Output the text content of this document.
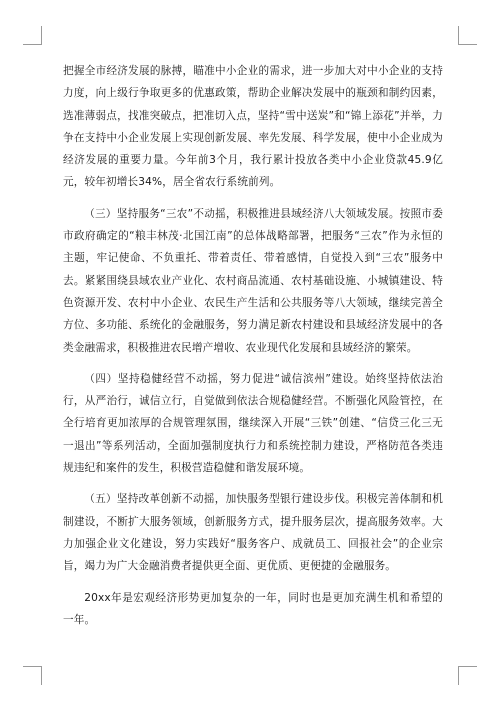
把握全市经济发展的脉搏，瞄准中小企业的需求，进一步加大对中小企业的支持力度，向上级行争取更多的优惠政策，帮助企业解决发展中的瓶颈和制约因素，选准薄弱点，找准突破点，把准切入点，坚持“雪中送炭”和“锦上添花”并举，力争在支持中小企业发展上实现创新发展、率先发展、科学发展，使中小企业成为经济发展的重要力量。今年前3个月，我行累计投放各类中小企业贷款45.9亿元，较年初增长34%，居全省农行系统前列。

（三）坚持服务“三农”不动摇，积极推进县域经济八大领域发展。按照市委市政府确定的“粮丰林茂·北国江南”的总体战略部署，把服务“三农”作为永恒的主题，牢记使命、不负重托、带着责任、带着感情，自觉投入到“三农”服务中去。紧紧围绕县域农业产业化、农村商品流通、农村基础设施、小城镇建设、特色资源开发、农村中小企业、农民生产生活和公共服务等八大领域，继续完善全方位、多功能、系统化的金融服务，努力满足新农村建设和县域经济发展中的各类金融需求，积极推进农民增产增收、农业现代化发展和县域经济的繁荣。

（四）坚持稳健经营不动摇，努力促进“诚信滨州”建设。始终坚持依法治行，从严治行，诚信立行，自觉做到依法合规稳健经营。不断强化风险管控，在全行培育更加浓厚的合规管理氛围，继续深入开展“三铁”创建、“信贷三化三无一退出”等系列活动，全面加强制度执行力和系统控制力建设，严格防范各类违规违纪和案件的发生，积极营造稳健和谐发展环境。

（五）坚持改革创新不动摇，加快服务型银行建设步伐。积极完善体制和机制建设，不断扩大服务领域，创新服务方式，提升服务层次，提高服务效率。大力加强企业文化建设，努力实践好“服务客户、成就员工、回报社会”的企业宗旨，竭力为广大金融消费者提供更全面、更优质、更便捷的金融服务。

20xx年是宏观经济形势更加复杂的一年，同时也是更加充满生机和希望的一年。
